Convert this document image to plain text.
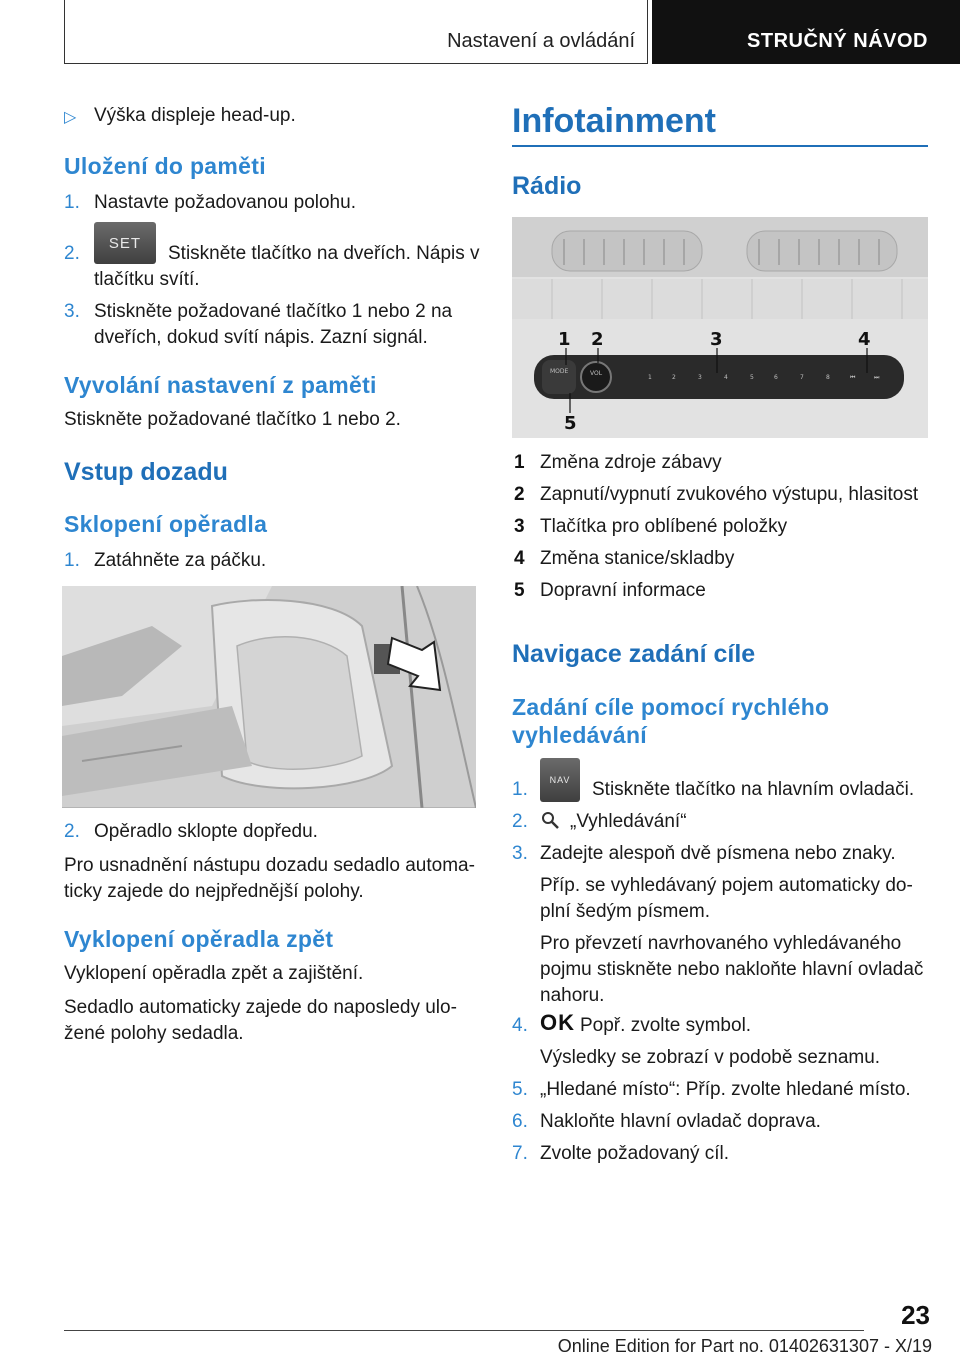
Nastavení a ovládání	STRUČNÝ NÁVOD
▷ Výška displeje head-up.
Uložení do paměti
1. Nastavte požadovanou polohu.
2. SET Stiskněte tlačítko na dveřích. Nápis v
tlačítku svítí.
3. Stiskněte požadované tlačítko 1 nebo 2 na
dveřích, dokud svítí nápis. Zazní signál.
Vyvolání nastavení z paměti
Stiskněte požadované tlačítko 1 nebo 2.
Vstup dozadu
Sklopení opěradla
1. Zatáhněte za páčku.
2. Opěradlo sklopte dopředu.
Pro usnadnění nástupu dozadu sedadlo automa-
ticky zajede do nejpřednější polohy.
Vyklopení opěradla zpět
Vyklopení opěradla zpět a zajištění.
Sedadlo automaticky zajede do naposledy ulo-
žené polohy sedadla.
Infotainment
Rádio
MODE	VOL
1	2	3	4	5	6	7	8	⏮	⏭
1 2	3	4
5
1 Změna zdroje zábavy
2 Zapnutí/vypnutí zvukového výstupu, hlasitost
3 Tlačítka pro oblíbené položky
4 Změna stanice/skladby
5 Dopravní informace
Navigace zadání cíle
Zadání cíle pomocí rychlého
vyhledávání
1. NAV Stiskněte tlačítko na hlavním ovladači.
2. „Vyhledávání“
3. Zadejte alespoň dvě písmena nebo znaky.
Příp. se vyhledávaný pojem automaticky do-
plní šedým písmem.
Pro převzetí navrhovaného vyhledávaného
pojmu stiskněte nebo nakloňte hlavní ovladač
nahoru.
4. OK Popř. zvolte symbol.
Výsledky se zobrazí v podobě seznamu.
5. „Hledané místo“: Příp. zvolte hledané místo.
6. Nakloňte hlavní ovladač doprava.
7. Zvolte požadovaný cíl.
23
Online Edition for Part no. 01402631307 - X/19
